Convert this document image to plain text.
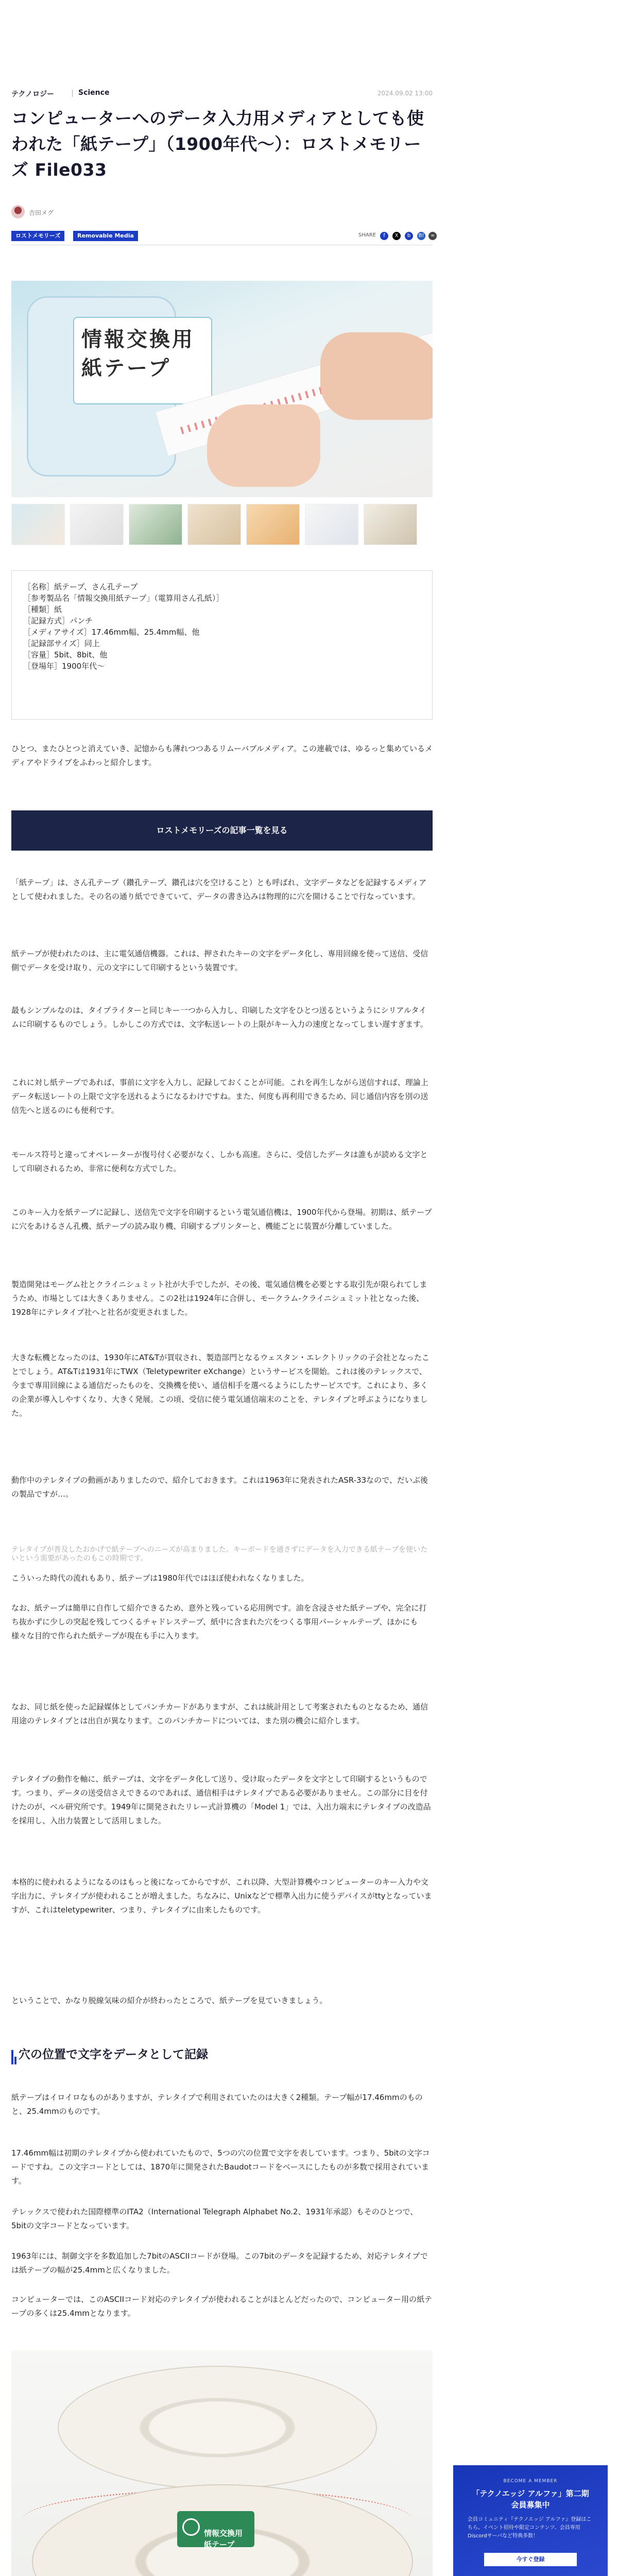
テクノロジー	Science	2024.09.02 13:00
コンピューターへのデータ入力用メディアとしても使われた「紙テープ」（1900年代〜）：ロストメモリーズ File033
吉田メグ
ロストメモリーズ	Removable Media	SHARE	f	X	b	B!	∞
情報交換用
紙テープ
［名称］紙テープ、さん孔テープ
［参考製品名「情報交換用紙テープ」（電算用さん孔紙）］
［種類］紙
［記録方式］パンチ
［メディアサイズ］17.46mm幅、25.4mm幅、他
［記録部サイズ］同上
［容量］5bit、8bit、他
［登場年］1900年代〜

ひとつ、またひとつと消えていき、記憶からも薄れつつあるリムーバブルメディア。この連載では、ゆるっと集めているメディアやドライブをふわっと紹介します。

ロストメモリーズの記事一覧を見る

「紙テープ」は、さん孔テープ（鑽孔テープ、鑽孔は穴を空けること）とも呼ばれ、文字データなどを記録するメディアとして使われました。その名の通り紙でできていて、データの書き込みは物理的に穴を開けることで行なっています。

紙テープが使われたのは、主に電気通信機器。これは、押されたキーの文字をデータ化し、専用回線を使って送信、受信側でデータを受け取り、元の文字にして印刷するという装置です。

最もシンプルなのは、タイプライターと同じキー一つから入力し、印刷した文字をひとつ送るというようにシリアルタイムに印刷するものでしょう。しかしこの方式では、文字転送レートの上限がキー入力の速度となってしまい遅すぎます。

これに対し紙テープであれば、事前に文字を入力し、記録しておくことが可能。これを再生しながら送信すれば、理論上データ転送レートの上限で文字を送れるようになるわけですね。また、何度も再利用できるため、同じ通信内容を別の送信先へと送るのにも便利です。

モールス符号と違ってオペレーターが復号付く必要がなく、しかも高速。さらに、受信したデータは誰もが読める文字として印刷されるため、非常に便利な方式でした。

このキー入力を紙テープに記録し、送信先で文字を印刷するという電気通信機は、1900年代から登場。初期は、紙テープに穴をあけるさん孔機、紙テープの読み取り機、印刷するプリンターと、機能ごとに装置が分離していました。

製造開発はモーグム社とクライニシュミット社が大手でしたが、その後、電気通信機を必要とする取引先が限られてしまうため、市場としては大きくありません。この2社は1924年に合併し、モークラム-クライニシュミット社となった後、1928年にテレタイプ社へと社名が変更されました。

大きな転機となったのは、1930年にAT&Tが買収され、製造部門となるウェスタン・エレクトリックの子会社となったことでしょう。AT&Tは1931年にTWX（Teletypewriter eXchange）というサービスを開始。これは後のテレックスで、今まで専用回線による通信だったものを、交換機を使い、通信相手を選べるようにしたサービスです。これにより、多くの企業が導入しやすくなり、大きく発展。この頃、受信に使う電気通信端末のことを、テレタイプと呼ぶようになりました。

動作中のテレタイプの動画がありましたので、紹介しておきます。これは1963年に発表されたASR-33なので、だいぶ後の製品ですが…。

テレタイプが普及したおかげで紙テープへのニーズが高まりました。キーボードを通さずにデータを入力できる紙テープを使いたいという需要があったのもこの時期です。

こういった時代の流れもあり、紙テープは1980年代ではほぼ使われなくなりました。

なお、紙テープは簡単に自作して紹介できるため、意外と残っている応用例です。油を含浸させた紙テープや、完全に打ち抜かずに少しの突起を残してつくるチャドレステープ、紙中に含まれた穴をつくる事用パーシャルテープ、ほかにも様々な目的で作られた紙テープが現在も手に入ります。

なお、同じ紙を使った記録媒体としてパンチカードがありますが、これは統計用として考案されたものとなるため、通信用途のテレタイプとは出自が異なります。このパンチカードについては、また別の機会に紹介します。

テレタイプの動作を軸に、紙テープは、文字をデータ化して送り、受け取ったデータを文字として印刷するというものです。つまり、データの送受信さえできるのであれば、通信相手はテレタイプである必要がありません。この部分に目を付けたのが、ベル研究所です。1949年に開発されたリレー式計算機の「Model 1」では、入出力端末にテレタイプの改造品を採用し、入出力装置として活用しました。

本格的に使われるようになるのはもっと後になってからですが、これ以降、大型計算機やコンピューターのキー入力や文字出力に、テレタイプが使われることが増えました。ちなみに、Unixなどで標準入出力に使うデバイスがttyとなっていますが、これはteletypewriter、つまり、テレタイプに由来したものです。

ということで、かなり脱線気味の紹介が終わったところで、紙テープを見ていきましょう。

穴の位置で文字をデータとして記録

紙テープはイロイロなものがありますが、テレタイプで利用されていたのは大きく2種類。テープ幅が17.46mmのものと、25.4mmのものです。

17.46mm幅は初期のテレタイプから使われていたもので、5つの穴の位置で文字を表しています。つまり、5bitの文字コードですね。この文字コードとしては、1870年に開発されたBaudotコードをベースにしたものが多数で採用されています。

テレックスで使われた国際標準のITA2（International Telegraph Alphabet No.2、1931年承認）もそのひとつで、5bitの文字コードとなっています。

1963年には、制御文字を多数追加した7bitのASCIIコードが登場。この7bitのデータを記録するため、対応テレタイプでは紙テープの幅が25.4mmと広くなりました。

コンピューターでは、このASCIIコード対応のテレタイプが使われることがほとんどだったので、コンピューター用の紙テープの多くは25.4mmとなります。

情報交換用
紙テープ

BECOME A MEMBER
「テクノエッジ アルファ」第二期
会員募集中
会員コミュニティ『テクノエッジ アルファ』登録はこちら。イベント招待や限定コンテンツ、会員専用Discordサーバなど特典多数！
今すぐ登録
